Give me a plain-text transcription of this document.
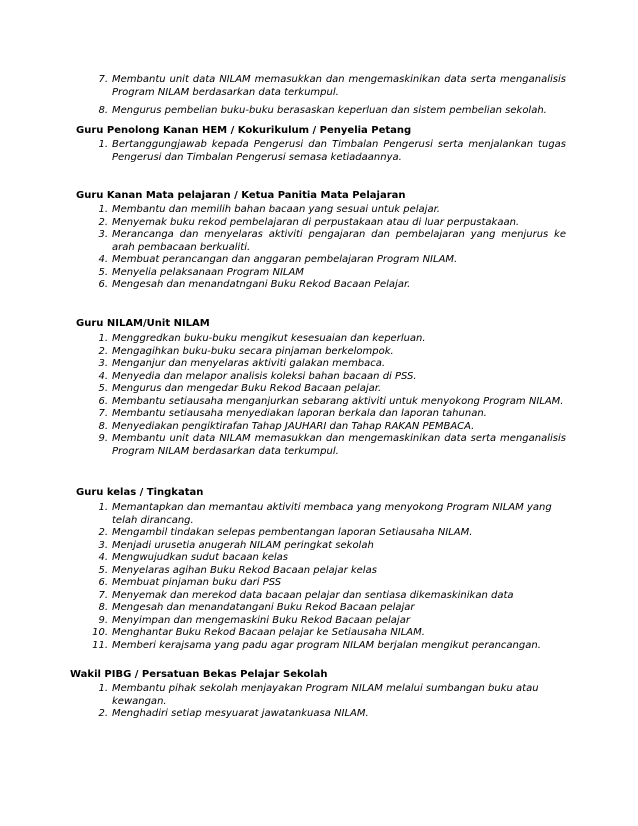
7. Membantu unit data NILAM memasukkan dan mengemaskinikan data serta menganalisis Program NILAM berdasarkan data terkumpul.
8. Mengurus pembelian buku-buku berasaskan keperluan dan sistem pembelian sekolah.
Guru Penolong Kanan HEM / Kokurikulum / Penyelia Petang
1. Bertanggungjawab kepada Pengerusi dan Timbalan Pengerusi serta menjalankan tugas Pengerusi dan Timbalan Pengerusi semasa ketiadaannya.
Guru Kanan Mata pelajaran / Ketua Panitia Mata Pelajaran
1. Membantu dan memilih bahan bacaan yang sesuai untuk pelajar.
2. Menyemak buku rekod pembelajaran di perpustakaan atau di luar perpustakaan.
3. Merancanga dan menyelaras aktiviti pengajaran dan pembelajaran yang menjurus ke arah pembacaan berkualiti.
4. Membuat perancangan dan anggaran pembelajaran Program NILAM.
5. Menyelia pelaksanaan Program NILAM
6. Mengesah dan menandatngani Buku Rekod Bacaan Pelajar.
Guru NILAM/Unit NILAM
1. Menggredkan buku-buku mengikut kesesuaian dan keperluan.
2. Mengagihkan buku-buku secara pinjaman berkelompok.
3. Menganjur dan menyelaras aktiviti galakan membaca.
4. Menyedia dan melapor analisis koleksi bahan bacaan di PSS.
5. Mengurus dan mengedar Buku Rekod Bacaan pelajar.
6. Membantu setiausaha menganjurkan sebarang aktiviti untuk menyokong Program NILAM.
7. Membantu setiausaha menyediakan laporan berkala dan laporan tahunan.
8. Menyediakan pengiktirafan Tahap JAUHARI dan Tahap RAKAN PEMBACA.
9. Membantu unit data NILAM memasukkan dan mengemaskinikan data serta menganalisis Program NILAM berdasarkan data terkumpul.
Guru kelas / Tingkatan
1. Memantapkan dan memantau aktiviti membaca yang menyokong Program NILAM yang telah dirancang.
2. Mengambil tindakan selepas pembentangan laporan Setiausaha NILAM.
3. Menjadi urusetia anugerah NILAM peringkat sekolah
4. Mengwujudkan sudut bacaan kelas
5. Menyelaras agihan Buku Rekod Bacaan pelajar kelas
6. Membuat pinjaman buku dari PSS
7. Menyemak dan merekod data bacaan pelajar dan sentiasa dikemaskinikan data
8. Mengesah dan menandatangani Buku Rekod Bacaan pelajar
9. Menyimpan dan mengemaskini Buku Rekod Bacaan pelajar
10. Menghantar Buku Rekod Bacaan pelajar ke Setiausaha NILAM.
11. Memberi kerajsama yang padu agar program NILAM berjalan mengikut perancangan.
Wakil PIBG / Persatuan Bekas Pelajar Sekolah
1. Membantu pihak sekolah menjayakan Program NILAM melalui sumbangan buku atau kewangan.
2. Menghadiri setiap mesyuarat jawatankuasa NILAM.
